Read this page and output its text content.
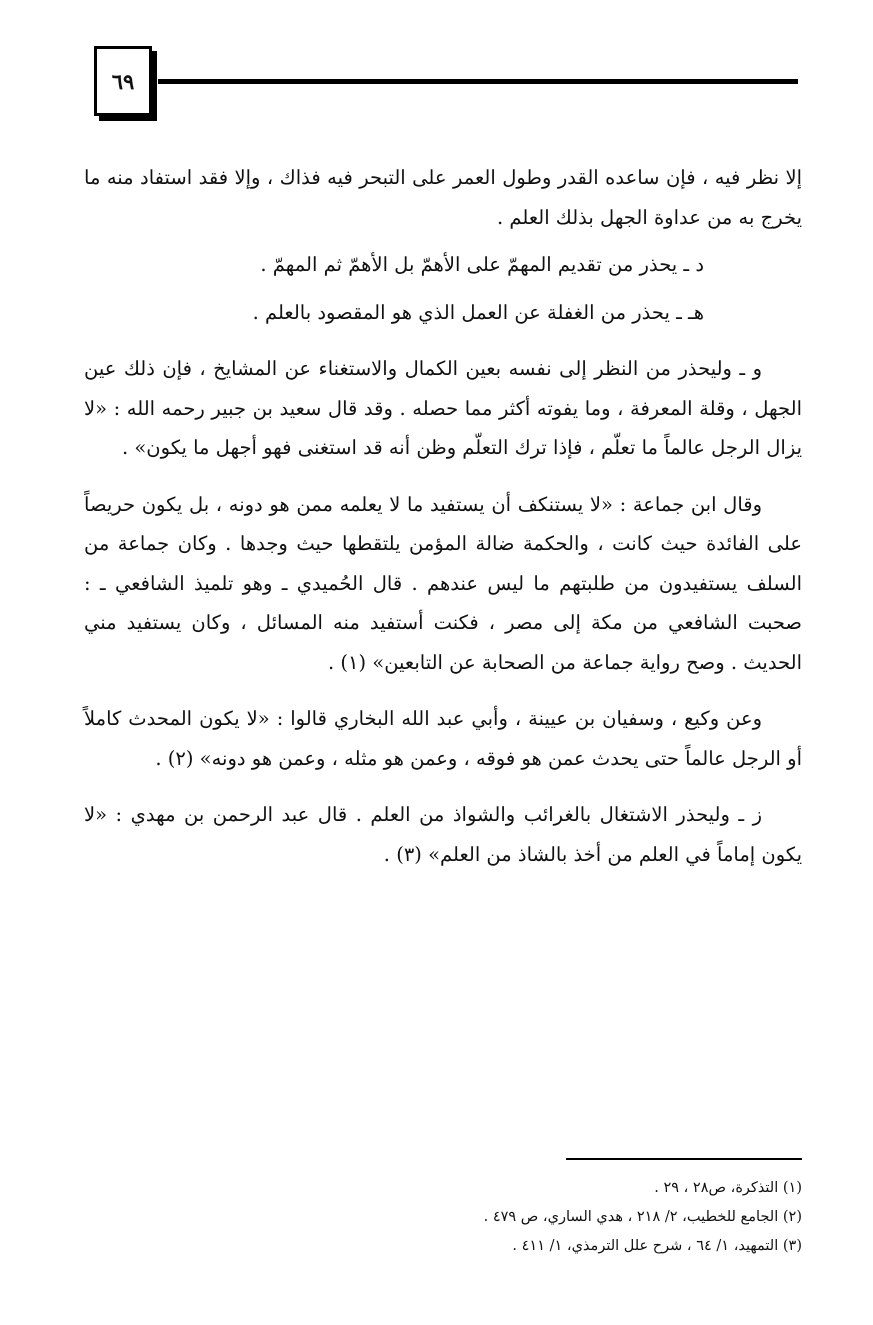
٦٩

إلا نظر فيه ، فإن ساعده القدر وطول العمر على التبحر فيه فذاك ، وإلا فقد استفاد منه ما يخرج به من عداوة الجهل بذلك العلم .

د ـ يحذر من تقديم المهمّ على الأهمّ بل الأهمّ ثم المهمّ .

هـ ـ يحذر من الغفلة عن العمل الذي هو المقصود بالعلم .

و ـ وليحذر من النظر إلى نفسه بعين الكمال والاستغناء عن المشايخ ، فإن ذلك عين الجهل ، وقلة المعرفة ، وما يفوته أكثر مما حصله . وقد قال سعيد بن جبير رحمه الله : «لا يزال الرجل عالماً ما تعلّم ، فإذا ترك التعلّم وظن أنه قد استغنى فهو أجهل ما يكون» .

وقال ابن جماعة : «لا يستنكف أن يستفيد ما لا يعلمه ممن هو دونه ، بل يكون حريصاً على الفائدة حيث كانت ، والحكمة ضالة المؤمن يلتقطها حيث وجدها . وكان جماعة من السلف يستفيدون من طلبتهم ما ليس عندهم . قال الحُميدي ـ وهو تلميذ الشافعي ـ : صحبت الشافعي من مكة إلى مصر ، فكنت أستفيد منه المسائل ، وكان يستفيد مني الحديث . وصح رواية جماعة من الصحابة عن التابعين» (١) .

وعن وكيع ، وسفيان بن عيينة ، وأبي عبد الله البخاري قالوا : «لا يكون المحدث كاملاً أو الرجل عالماً حتى يحدث عمن هو فوقه ، وعمن هو مثله ، وعمن هو دونه» (٢) .

ز ـ وليحذر الاشتغال بالغرائب والشواذ من العلم . قال عبد الرحمن بن مهدي : «لا يكون إماماً في العلم من أخذ بالشاذ من العلم» (٣) .

(١) التذكرة، ص٢٨ ، ٢٩ .

(٢) الجامع للخطيب، ٢/ ٢١٨ ، هدي الساري، ص ٤٧٩ .

(٣) التمهيد، ١/ ٦٤ ، شرح علل الترمذي، ١/ ٤١١ .
